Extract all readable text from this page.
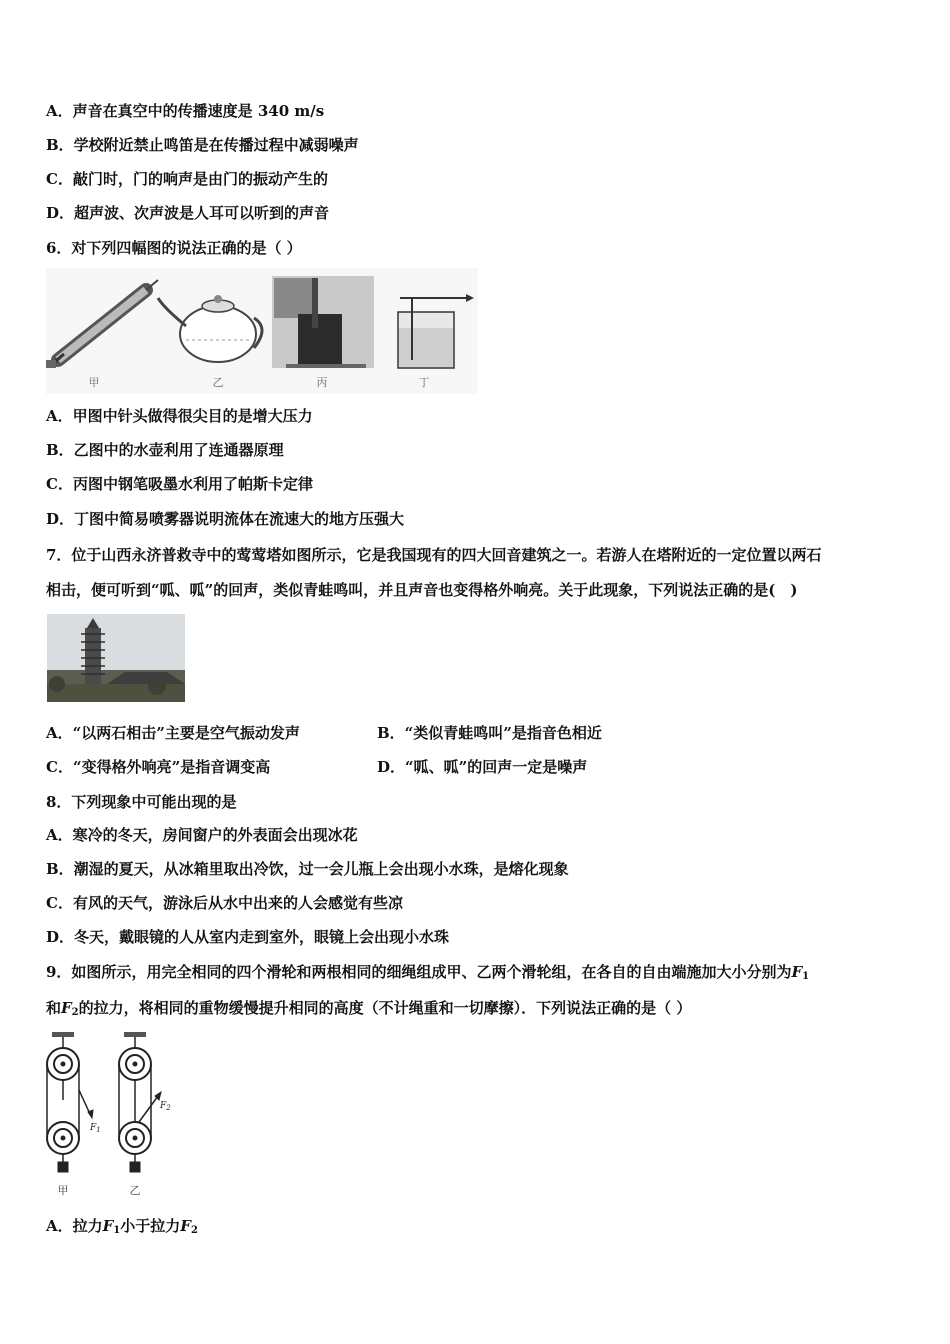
A．声音在真空中的传播速度是 340 m/s
B．学校附近禁止鸣笛是在传播过程中减弱噪声
C．敲门时，门的响声是由门的振动产生的
D．超声波、次声波是人耳可以听到的声音
6．对下列四幅图的说法正确的是（ ）
甲	乙	丙	丁
A．甲图中针头做得很尖目的是增大压力
B．乙图中的水壶利用了连通器原理
C．丙图中钢笔吸墨水利用了帕斯卡定律
D．丁图中简易喷雾器说明流体在流速大的地方压强大
7．位于山西永济普救寺中的莺莺塔如图所示，它是我国现有的四大回音建筑之一。若游人在塔附近的一定位置以两石
相击，便可听到“呱、呱”的回声，类似青蛙鸣叫，并且声音也变得格外响亮。关于此现象，下列说法正确的是(　)
A．“以两石相击”主要是空气振动发声	B．“类似青蛙鸣叫”是指音色相近
C．“变得格外响亮”是指音调变高	D．“呱、呱”的回声一定是噪声
8．下列现象中可能出现的是
A．寒冷的冬天，房间窗户的外表面会出现冰花
B．潮湿的夏天，从冰箱里取出冷饮，过一会儿瓶上会出现小水珠，是熔化现象
C．有风的天气，游泳后从水中出来的人会感觉有些凉
D．冬天，戴眼镜的人从室内走到室外，眼镜上会出现小水珠
9．如图所示，用完全相同的四个滑轮和两根相同的细绳组成甲、乙两个滑轮组，在各自的自由端施加大小分别为$F_1$
和$F_2$的拉力，将相同的重物缓慢提升相同的高度（不计绳重和一切摩擦）．下列说法正确的是（ ）
$F_1$
甲
$F_2$
乙
A．拉力$F_1$小于拉力$F_2$
